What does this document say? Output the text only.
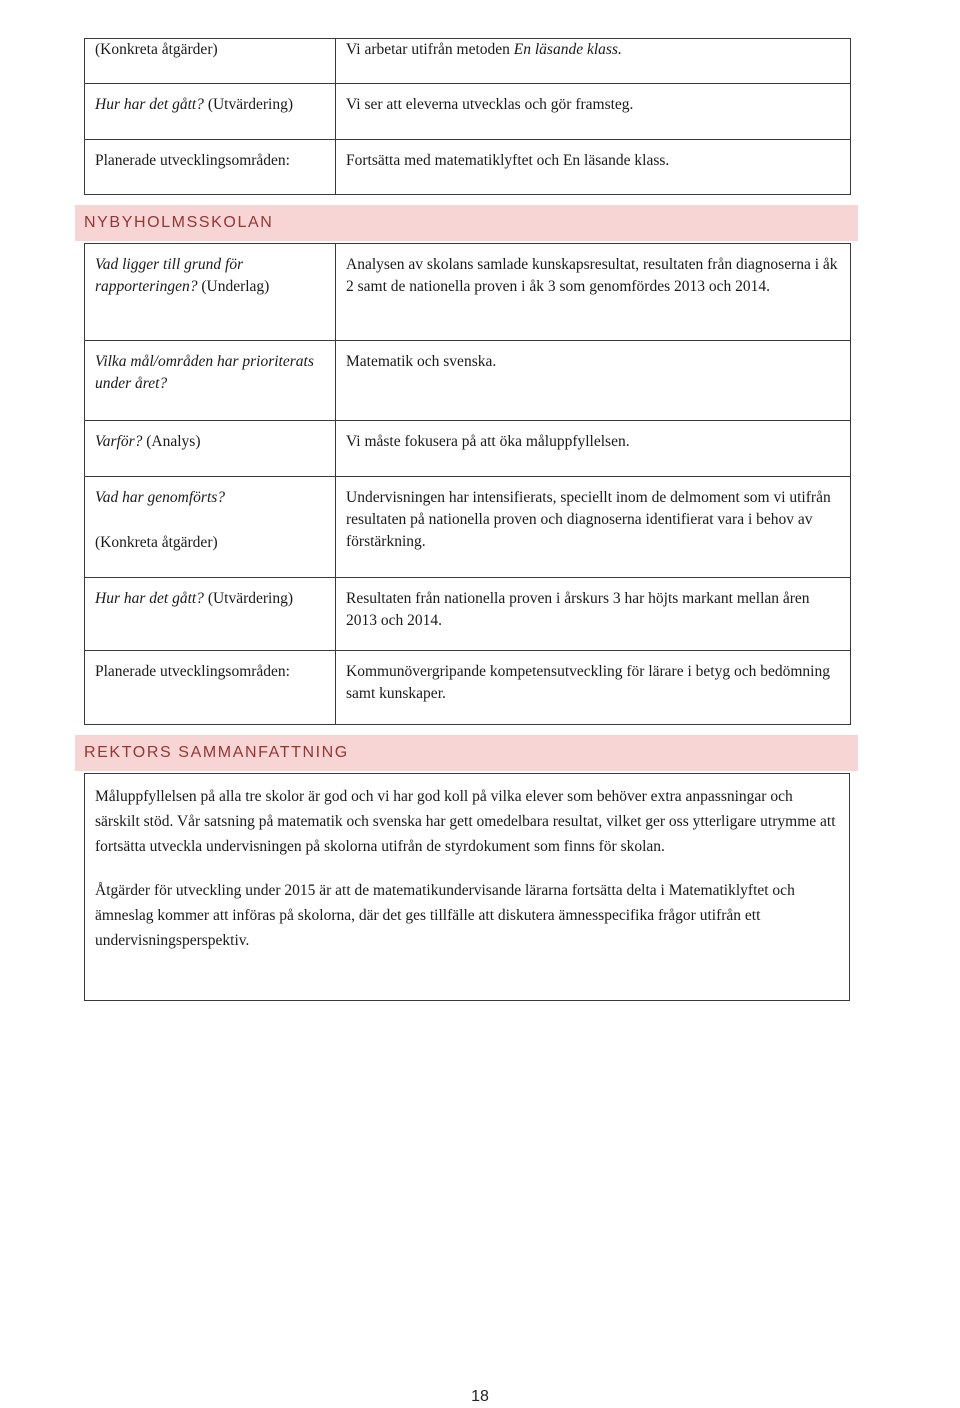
(Konkreta åtgärder)	Vi arbetar utifrån metoden En läsande klass.
Hur har det gått? (Utvärdering)	Vi ser att eleverna utvecklas och gör framsteg.
Planerade utvecklingsområden:	Fortsätta med matematiklyftet och En läsande klass.
NYBYHOLMSSKOLAN
Vad ligger till grund för rapporteringen? (Underlag)	Analysen av skolans samlade kunskapsresultat, resultaten från diagnoserna i åk 2 samt de nationella proven i åk 3 som genomfördes 2013 och 2014.
Vilka mål/områden har prioriterats under året?	Matematik och svenska.
Varför? (Analys)	Vi måste fokusera på att öka måluppfyllelsen.

Vad har genomförts?
(Konkreta åtgärder)	Undervisningen har intensifierats, speciellt inom de delmoment som vi utifrån resultaten på nationella proven och diagnoserna identifierat vara i behov av förstärkning.
Hur har det gått? (Utvärdering)	Resultaten från nationella proven i årskurs 3 har höjts markant mellan åren 2013 och 2014.
Planerade utvecklingsområden:	Kommunövergripande kompetensutveckling för lärare i betyg och bedömning samt kunskaper.
REKTORS SAMMANFATTNING

Måluppfyllelsen på alla tre skolor är god och vi har god koll på vilka elever som behöver extra anpassningar och särskilt stöd. Vår satsning på matematik och svenska har gett omedelbara resultat, vilket ger oss ytterligare utrymme att fortsätta utveckla undervisningen på skolorna utifrån de styrdokument som finns för skolan.

Åtgärder för utveckling under 2015 är att de matematikundervisande lärarna fortsätta delta i Matematiklyftet och ämneslag kommer att införas på skolorna, där det ges tillfälle att diskutera ämnesspecifika frågor utifrån ett undervisningsperspektiv.

18
